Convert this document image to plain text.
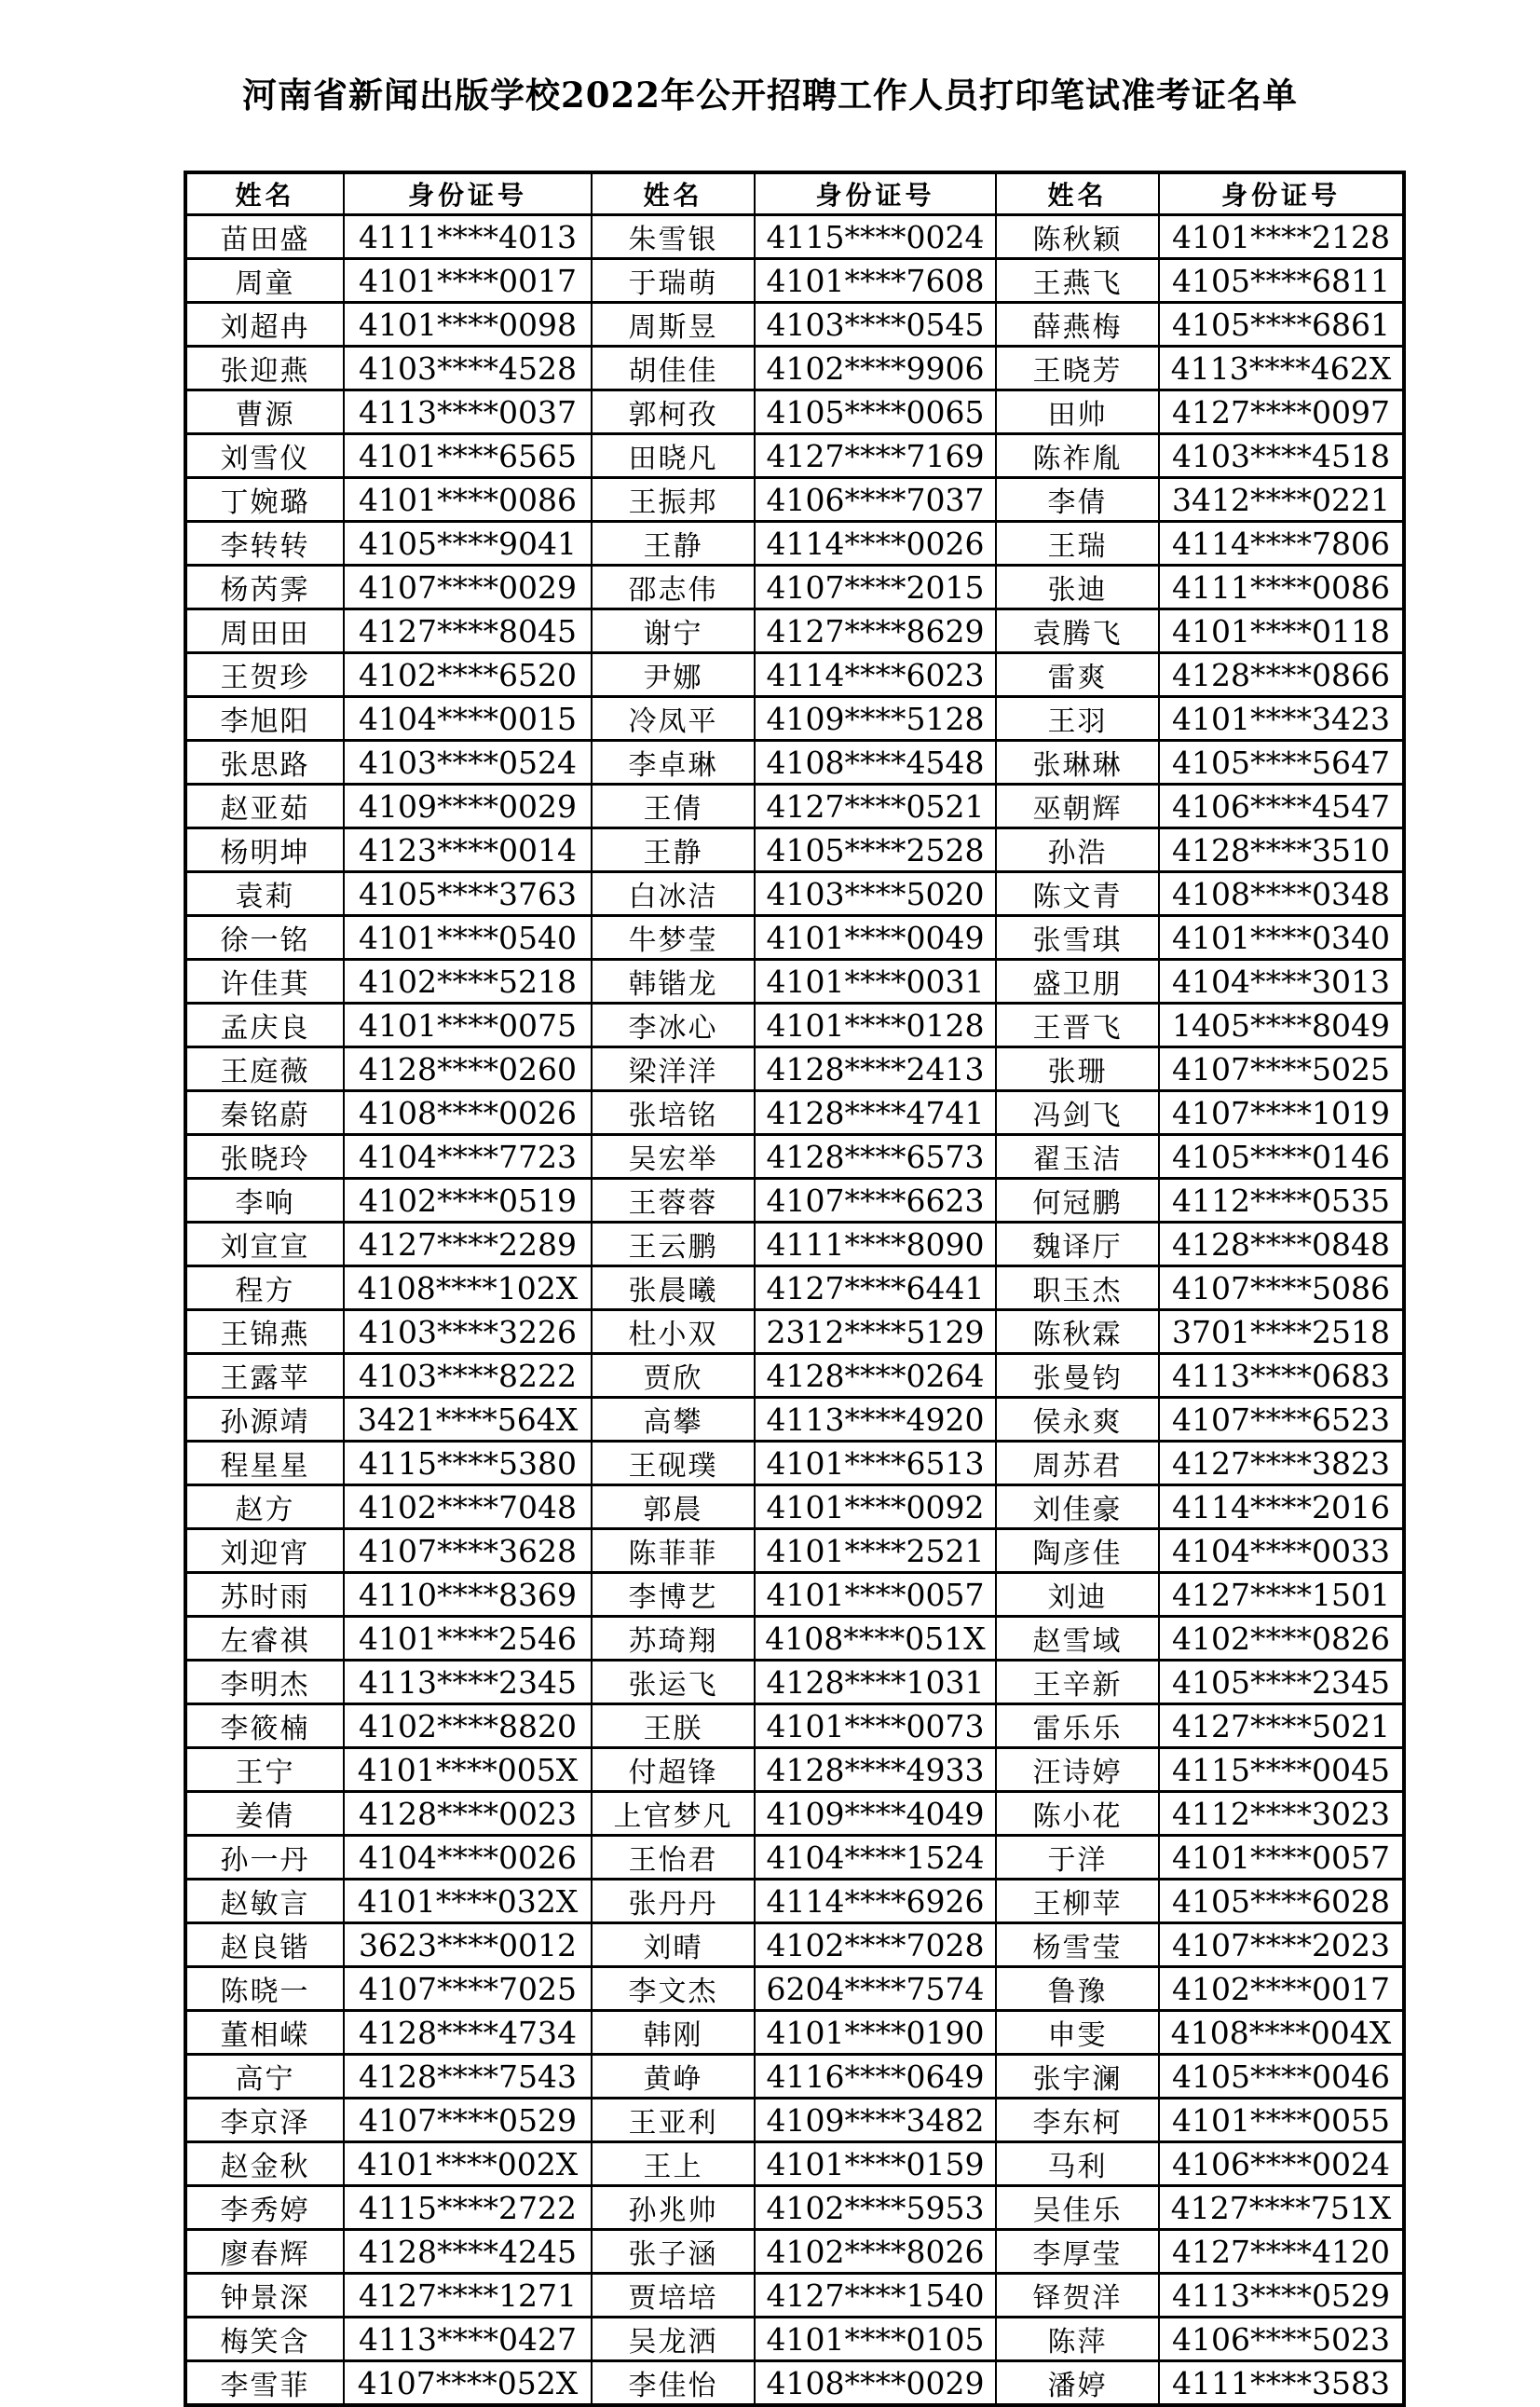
河南省新闻出版学校2022年公开招聘工作人员打印笔试准考证名单
姓名	身份证号	姓名	身份证号	姓名	身份证号
苗田盛	4111****4013	朱雪银	4115****0024	陈秋颖	4101****2128
周童	4101****0017	于瑞萌	4101****7608	王燕飞	4105****6811
刘超冉	4101****0098	周斯昱	4103****0545	薛燕梅	4105****6861
张迎燕	4103****4528	胡佳佳	4102****9906	王晓芳	4113****462X
曹源	4113****0037	郭柯孜	4105****0065	田帅	4127****0097
刘雪仪	4101****6565	田晓凡	4127****7169	陈祚胤	4103****4518
丁婉璐	4101****0086	王振邦	4106****7037	李倩	3412****0221
李转转	4105****9041	王静	4114****0026	王瑞	4114****7806
杨芮霁	4107****0029	邵志伟	4107****2015	张迪	4111****0086
周田田	4127****8045	谢宁	4127****8629	袁腾飞	4101****0118
王贺珍	4102****6520	尹娜	4114****6023	雷爽	4128****0866
李旭阳	4104****0015	冷凤平	4109****5128	王羽	4101****3423
张思路	4103****0524	李卓琳	4108****4548	张琳琳	4105****5647
赵亚茹	4109****0029	王倩	4127****0521	巫朝辉	4106****4547
杨明坤	4123****0014	王静	4105****2528	孙浩	4128****3510
袁莉	4105****3763	白冰洁	4103****5020	陈文青	4108****0348
徐一铭	4101****0540	牛梦莹	4101****0049	张雪琪	4101****0340
许佳萁	4102****5218	韩锴龙	4101****0031	盛卫朋	4104****3013
孟庆良	4101****0075	李冰心	4101****0128	王晋飞	1405****8049
王庭薇	4128****0260	梁洋洋	4128****2413	张珊	4107****5025
秦铭蔚	4108****0026	张培铭	4128****4741	冯剑飞	4107****1019
张晓玲	4104****7723	吴宏举	4128****6573	翟玉洁	4105****0146
李响	4102****0519	王蓉蓉	4107****6623	何冠鹏	4112****0535
刘宣宣	4127****2289	王云鹏	4111****8090	魏译厅	4128****0848
程方	4108****102X	张晨曦	4127****6441	职玉杰	4107****5086
王锦燕	4103****3226	杜小双	2312****5129	陈秋霖	3701****2518
王露苹	4103****8222	贾欣	4128****0264	张曼钧	4113****0683
孙源靖	3421****564X	高攀	4113****4920	侯永爽	4107****6523
程星星	4115****5380	王砚璞	4101****6513	周苏君	4127****3823
赵方	4102****7048	郭晨	4101****0092	刘佳豪	4114****2016
刘迎宵	4107****3628	陈菲菲	4101****2521	陶彦佳	4104****0033
苏时雨	4110****8369	李博艺	4101****0057	刘迪	4127****1501
左睿祺	4101****2546	苏琦翔	4108****051X	赵雪域	4102****0826
李明杰	4113****2345	张运飞	4128****1031	王辛新	4105****2345
李筱楠	4102****8820	王朕	4101****0073	雷乐乐	4127****5021
王宁	4101****005X	付超锋	4128****4933	汪诗婷	4115****0045
姜倩	4128****0023	上官梦凡	4109****4049	陈小花	4112****3023
孙一丹	4104****0026	王怡君	4104****1524	于洋	4101****0057
赵敏言	4101****032X	张丹丹	4114****6926	王柳苹	4105****6028
赵良锴	3623****0012	刘晴	4102****7028	杨雪莹	4107****2023
陈晓一	4107****7025	李文杰	6204****7574	鲁豫	4102****0017
董相嵘	4128****4734	韩刚	4101****0190	申雯	4108****004X
高宁	4128****7543	黄峥	4116****0649	张宇澜	4105****0046
李京泽	4107****0529	王亚利	4109****3482	李东柯	4101****0055
赵金秋	4101****002X	王上	4101****0159	马利	4106****0024
李秀婷	4115****2722	孙兆帅	4102****5953	吴佳乐	4127****751X
廖春辉	4128****4245	张子涵	4102****8026	李厚莹	4127****4120
钟景深	4127****1271	贾培培	4127****1540	铎贺洋	4113****0529
梅笑含	4113****0427	吴龙洒	4101****0105	陈萍	4106****5023
李雪菲	4107****052X	李佳怡	4108****0029	潘婷	4111****3583
